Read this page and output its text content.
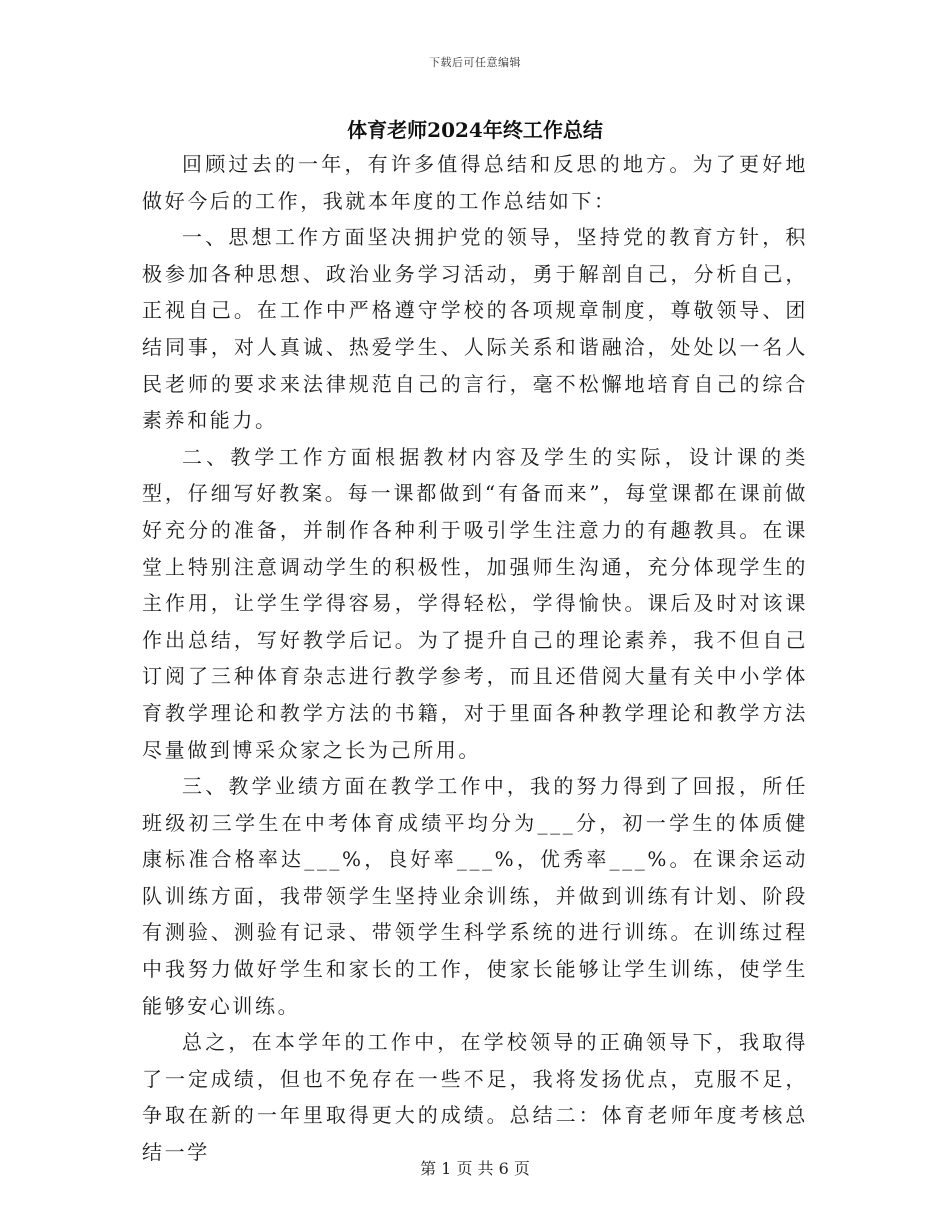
下载后可任意编辑
体育老师2024年终工作总结

回顾过去的一年，有许多值得总结和反思的地方。为了更好地做好今后的工作，我就本年度的工作总结如下：

一、思想工作方面坚决拥护党的领导，坚持党的教育方针，积极参加各种思想、政治业务学习活动，勇于解剖自己，分析自己，正视自己。在工作中严格遵守学校的各项规章制度，尊敬领导、团结同事，对人真诚、热爱学生、人际关系和谐融洽，处处以一名人民老师的要求来法律规范自己的言行，毫不松懈地培育自己的综合素养和能力。

二、教学工作方面根据教材内容及学生的实际，设计课的类型，仔细写好教案。每一课都做到“有备而来”，每堂课都在课前做好充分的准备，并制作各种利于吸引学生注意力的有趣教具。在课堂上特别注意调动学生的积极性，加强师生沟通，充分体现学生的主作用，让学生学得容易，学得轻松，学得愉快。课后及时对该课作出总结，写好教学后记。为了提升自己的理论素养，我不但自己订阅了三种体育杂志进行教学参考，而且还借阅大量有关中小学体育教学理论和教学方法的书籍，对于里面各种教学理论和教学方法尽量做到博采众家之长为己所用。

三、教学业绩方面在教学工作中，我的努力得到了回报，所任班级初三学生在中考体育成绩平均分为___分，初一学生的体质健康标准合格率达___%，良好率___%，优秀率___%。在课余运动队训练方面，我带领学生坚持业余训练，并做到训练有计划、阶段有测验、测验有记录、带领学生科学系统的进行训练。在训练过程中我努力做好学生和家长的工作，使家长能够让学生训练，使学生能够安心训练。

总之，在本学年的工作中，在学校领导的正确领导下，我取得了一定成绩，但也不免存在一些不足，我将发扬优点，克服不足，争取在新的一年里取得更大的成绩。总结二：体育老师年度考核总结一学

第 1 页 共 6 页
